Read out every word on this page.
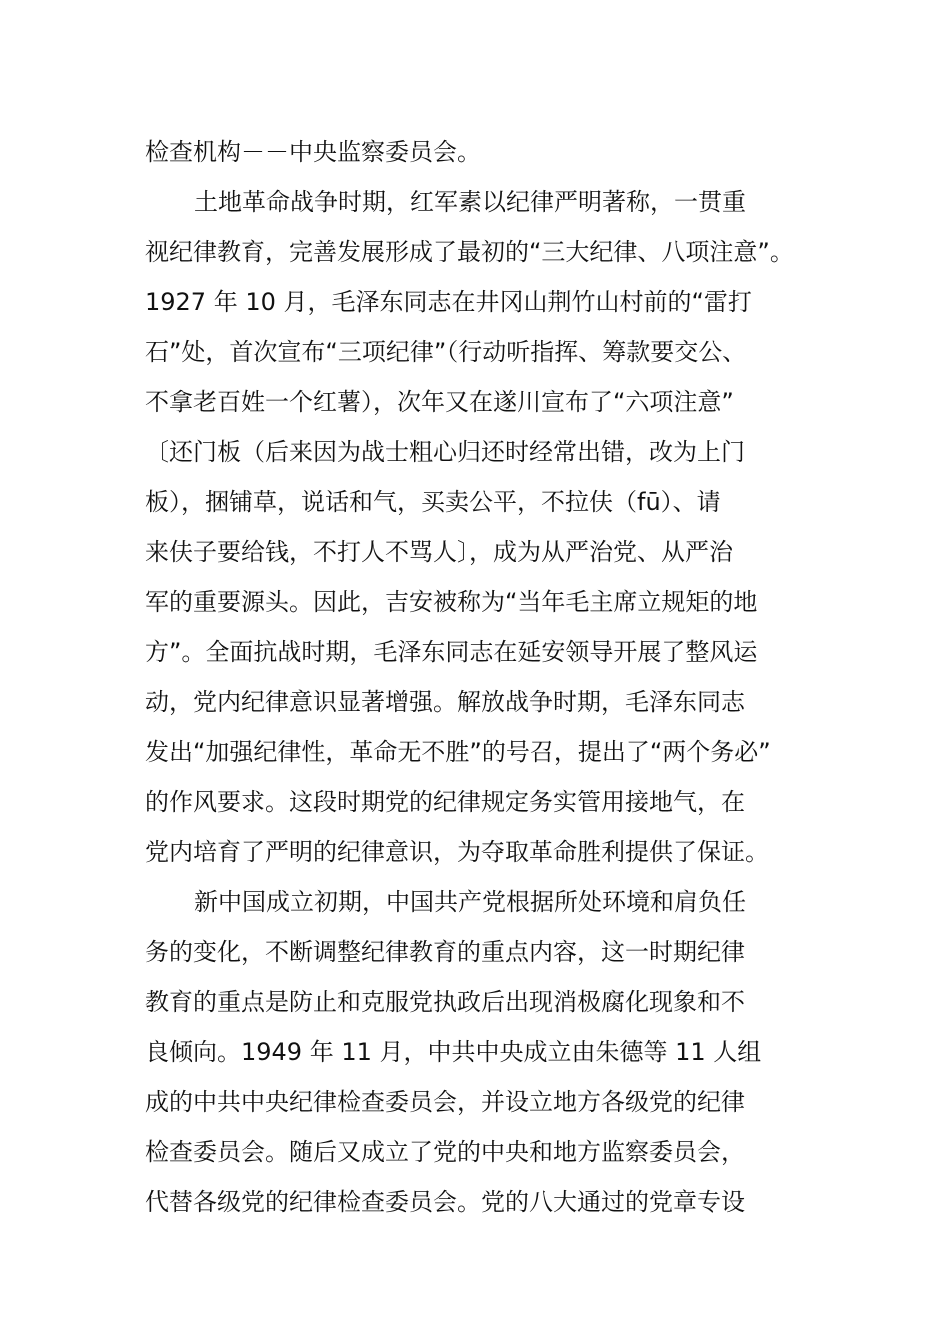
检查机构－－中央监察委员会。
土地革命战争时期，红军素以纪律严明著称，一贯重
视纪律教育，完善发展形成了最初的“三大纪律、八项注意”。
1927 年 10 月，毛泽东同志在井冈山荆竹山村前的“雷打
石”处，首次宣布“三项纪律”（行动听指挥、筹款要交公、
不拿老百姓一个红薯），次年又在遂川宣布了“六项注意”
〔还门板（后来因为战士粗心归还时经常出错，改为上门
板），捆铺草，说话和气，买卖公平，不拉伕（fū）、请
来伕子要给钱，不打人不骂人〕，成为从严治党、从严治
军的重要源头。因此，吉安被称为“当年毛主席立规矩的地
方”。全面抗战时期，毛泽东同志在延安领导开展了整风运
动，党内纪律意识显著增强。解放战争时期，毛泽东同志
发出“加强纪律性，革命无不胜”的号召，提出了“两个务必”
的作风要求。这段时期党的纪律规定务实管用接地气，在
党内培育了严明的纪律意识，为夺取革命胜利提供了保证。
新中国成立初期，中国共产党根据所处环境和肩负任
务的变化，不断调整纪律教育的重点内容，这一时期纪律
教育的重点是防止和克服党执政后出现消极腐化现象和不
良倾向。1949 年 11 月，中共中央成立由朱德等 11 人组
成的中共中央纪律检查委员会，并设立地方各级党的纪律
检查委员会。随后又成立了党的中央和地方监察委员会，
代替各级党的纪律检查委员会。党的八大通过的党章专设
